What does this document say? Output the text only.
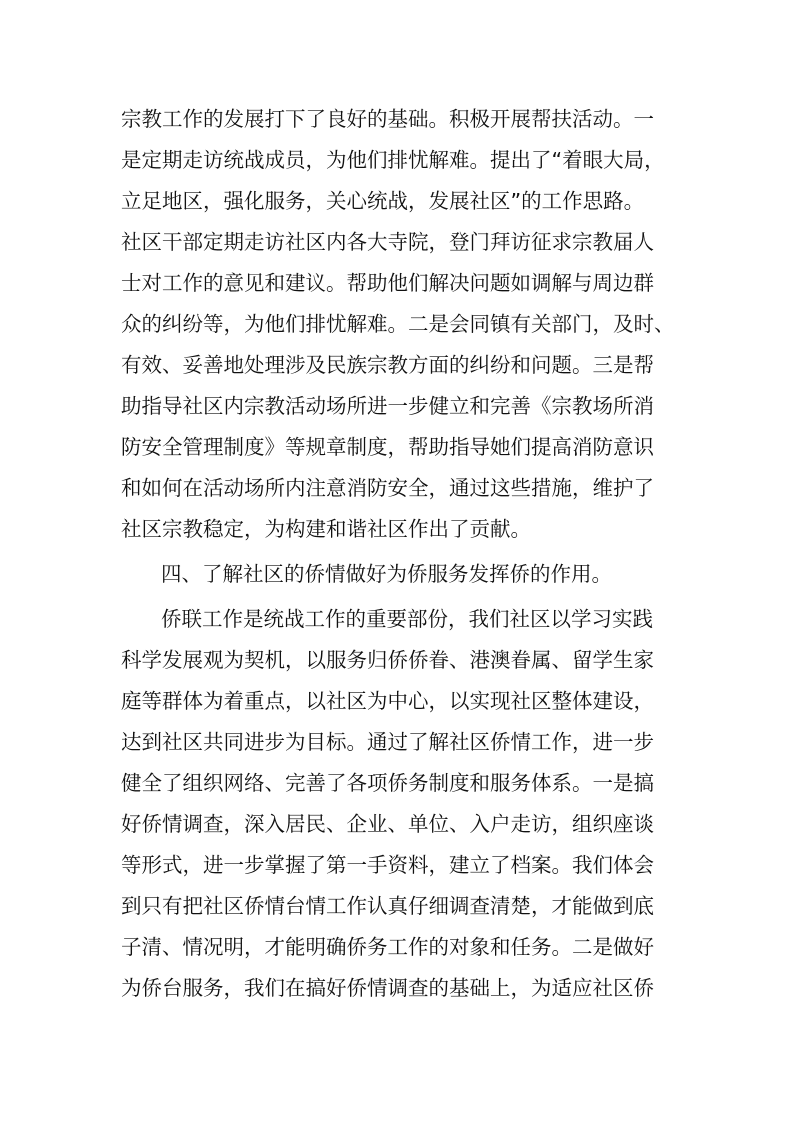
宗教工作的发展打下了良好的基础。积极开展帮扶活动。一
是定期走访统战成员，为他们排忧解难。提出了“着眼大局，
立足地区，强化服务，关心统战，发展社区”的工作思路。
社区干部定期走访社区内各大寺院，登门拜访征求宗教届人
士对工作的意见和建议。帮助他们解决问题如调解与周边群
众的纠纷等，为他们排忧解难。二是会同镇有关部门，及时、
有效、妥善地处理涉及民族宗教方面的纠纷和问题。三是帮
助指导社区内宗教活动场所进一步健立和完善《宗教场所消
防安全管理制度》等规章制度，帮助指导她们提高消防意识
和如何在活动场所内注意消防安全，通过这些措施，维护了
社区宗教稳定，为构建和谐社区作出了贡献。
四、了解社区的侨情做好为侨服务发挥侨的作用。
侨联工作是统战工作的重要部份，我们社区以学习实践
科学发展观为契机，以服务归侨侨眷、港澳眷属、留学生家
庭等群体为着重点，以社区为中心，以实现社区整体建设，
达到社区共同进步为目标。通过了解社区侨情工作，进一步
健全了组织网络、完善了各项侨务制度和服务体系。一是搞
好侨情调查，深入居民、企业、单位、入户走访，组织座谈
等形式，进一步掌握了第一手资料，建立了档案。我们体会
到只有把社区侨情台情工作认真仔细调查清楚，才能做到底
子清、情况明，才能明确侨务工作的对象和任务。二是做好
为侨台服务，我们在搞好侨情调查的基础上，为适应社区侨
